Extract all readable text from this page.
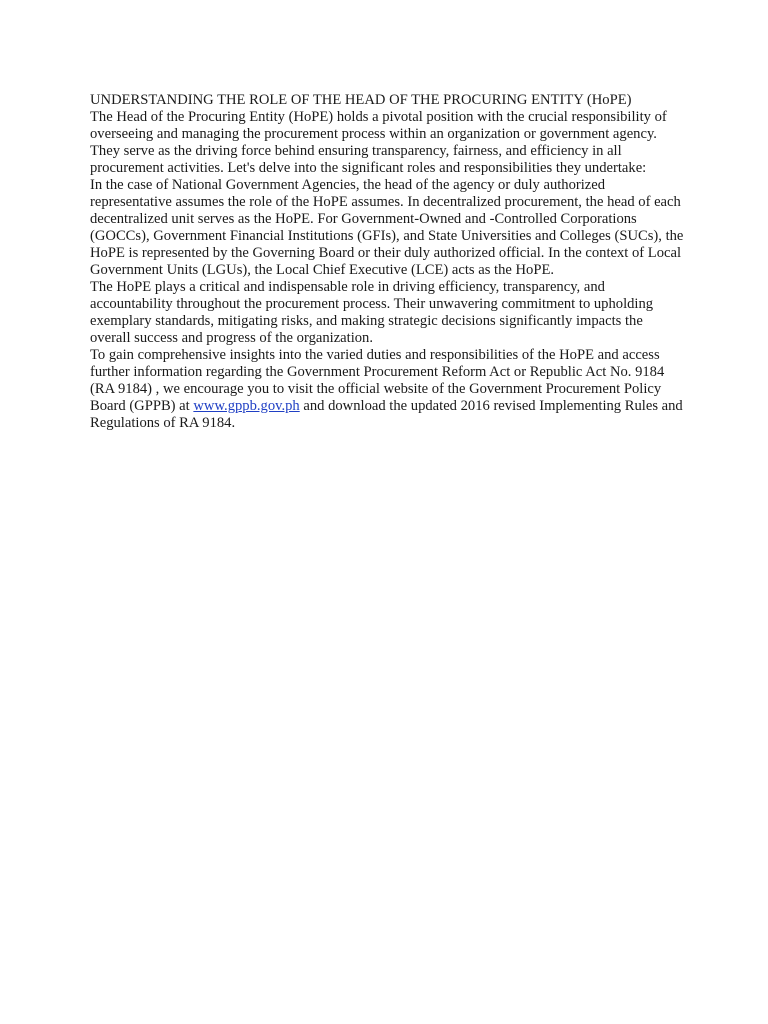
UNDERSTANDING THE ROLE OF THE HEAD OF THE PROCURING ENTITY (HoPE)

The Head of the Procuring Entity (HoPE) holds a pivotal position with the crucial responsibility of overseeing and managing the procurement process within an organization or government agency. They serve as the driving force behind ensuring transparency, fairness, and efficiency in all procurement activities. Let's delve into the significant roles and responsibilities they undertake:

In the case of National Government Agencies, the head of the agency or duly authorized representative assumes the role of the HoPE assumes. In decentralized procurement, the head of each decentralized unit serves as the HoPE. For Government-Owned and -Controlled Corporations (GOCCs), Government Financial Institutions (GFIs), and State Universities and Colleges (SUCs), the HoPE is represented by the Governing Board or their duly authorized official. In the context of Local Government Units (LGUs), the Local Chief Executive (LCE) acts as the HoPE.

The HoPE plays a critical and indispensable role in driving efficiency, transparency, and accountability throughout the procurement process. Their unwavering commitment to upholding exemplary standards, mitigating risks, and making strategic decisions significantly impacts the overall success and progress of the organization.

To gain comprehensive insights into the varied duties and responsibilities of the HoPE and access further information regarding the Government Procurement Reform Act or Republic Act No. 9184 (RA 9184) , we encourage you to visit the official website of the Government Procurement Policy Board (GPPB) at www.gppb.gov.ph and download the updated 2016 revised Implementing Rules and Regulations of RA 9184.
